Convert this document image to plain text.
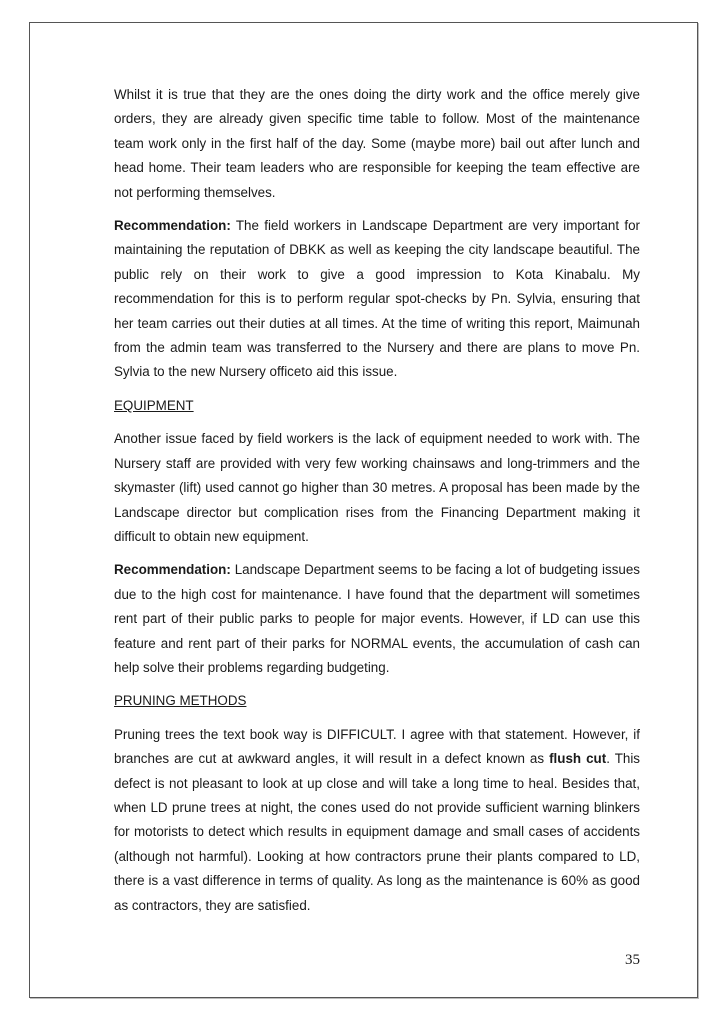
Whilst it is true that they are the ones doing the dirty work and the office merely give orders, they are already given specific time table to follow. Most of the maintenance team work only in the first half of the day. Some (maybe more) bail out after lunch and head home. Their team leaders who are responsible for keeping the team effective are not performing themselves.

Recommendation: The field workers in Landscape Department are very important for maintaining the reputation of DBKK as well as keeping the city landscape beautiful. The public rely on their work to give a good impression to Kota Kinabalu. My recommendation for this is to perform regular spot-checks by Pn. Sylvia, ensuring that her team carries out their duties at all times. At the time of writing this report, Maimunah from the admin team was transferred to the Nursery and there are plans to move Pn. Sylvia to the new Nursery officeto aid this issue.

EQUIPMENT

Another issue faced by field workers is the lack of equipment needed to work with. The Nursery staff are provided with very few working chainsaws and long-trimmers and the skymaster (lift) used cannot go higher than 30 metres. A proposal has been made by the Landscape director but complication rises from the Financing Department making it difficult to obtain new equipment.

Recommendation: Landscape Department seems to be facing a lot of budgeting issues due to the high cost for maintenance. I have found that the department will sometimes rent part of their public parks to people for major events. However, if LD can use this feature and rent part of their parks for NORMAL events, the accumulation of cash can help solve their problems regarding budgeting.

PRUNING METHODS

Pruning trees the text book way is DIFFICULT. I agree with that statement. However, if branches are cut at awkward angles, it will result in a defect known as flush cut. This defect is not pleasant to look at up close and will take a long time to heal. Besides that, when LD prune trees at night, the cones used do not provide sufficient warning blinkers for motorists to detect which results in equipment damage and small cases of accidents (although not harmful). Looking at how contractors prune their plants compared to LD, there is a vast difference in terms of quality. As long as the maintenance is 60% as good as contractors, they are satisfied.

35
